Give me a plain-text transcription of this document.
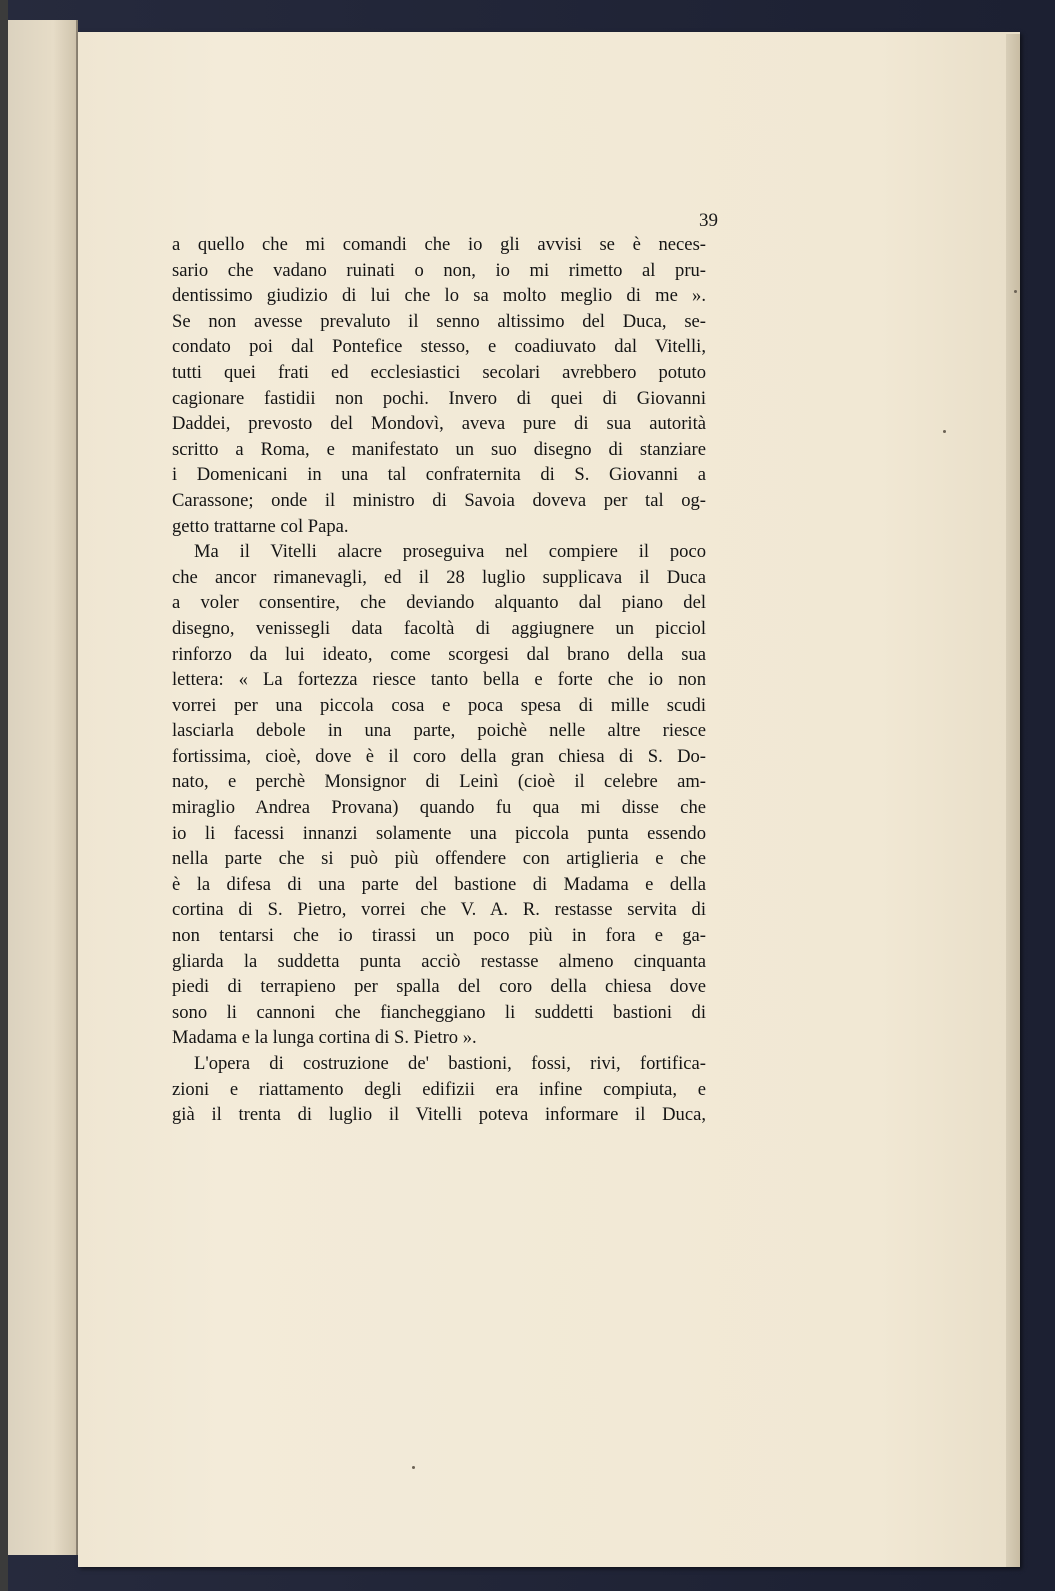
39
a quello che mi comandi che io gli avvisi se è neces-
sario che vadano ruinati o non, io mi rimetto al pru-
dentissimo giudizio di lui che lo sa molto meglio di me ».
Se non avesse prevaluto il senno altissimo del Duca, se-
condato poi dal Pontefice stesso, e coadiuvato dal Vitelli,
tutti quei frati ed ecclesiastici secolari avrebbero potuto
cagionare fastidii non pochi. Invero di quei di Giovanni
Daddei, prevosto del Mondovì, aveva pure di sua autorità
scritto a Roma, e manifestato un suo disegno di stanziare
i Domenicani in una tal confraternita di S. Giovanni a
Carassone; onde il ministro di Savoia doveva per tal og-
getto trattarne col Papa.
Ma il Vitelli alacre proseguiva nel compiere il poco
che ancor rimanevagli, ed il 28 luglio supplicava il Duca
a voler consentire, che deviando alquanto dal piano del
disegno, venissegli data facoltà di aggiugnere un picciol
rinforzo da lui ideato, come scorgesi dal brano della sua
lettera: « La fortezza riesce tanto bella e forte che io non
vorrei per una piccola cosa e poca spesa di mille scudi
lasciarla debole in una parte, poichè nelle altre riesce
fortissima, cioè, dove è il coro della gran chiesa di S. Do-
nato, e perchè Monsignor di Leinì (cioè il celebre am-
miraglio Andrea Provana) quando fu qua mi disse che
io li facessi innanzi solamente una piccola punta essendo
nella parte che si può più offendere con artiglieria e che
è la difesa di una parte del bastione di Madama e della
cortina di S. Pietro, vorrei che V. A. R. restasse servita di
non tentarsi che io tirassi un poco più in fora e ga-
gliarda la suddetta punta acciò restasse almeno cinquanta
piedi di terrapieno per spalla del coro della chiesa dove
sono li cannoni che fiancheggiano li suddetti bastioni di
Madama e la lunga cortina di S. Pietro ».
L'opera di costruzione de' bastioni, fossi, rivi, fortifica-
zioni e riattamento degli edifizii era infine compiuta, e
già il trenta di luglio il Vitelli poteva informare il Duca,
